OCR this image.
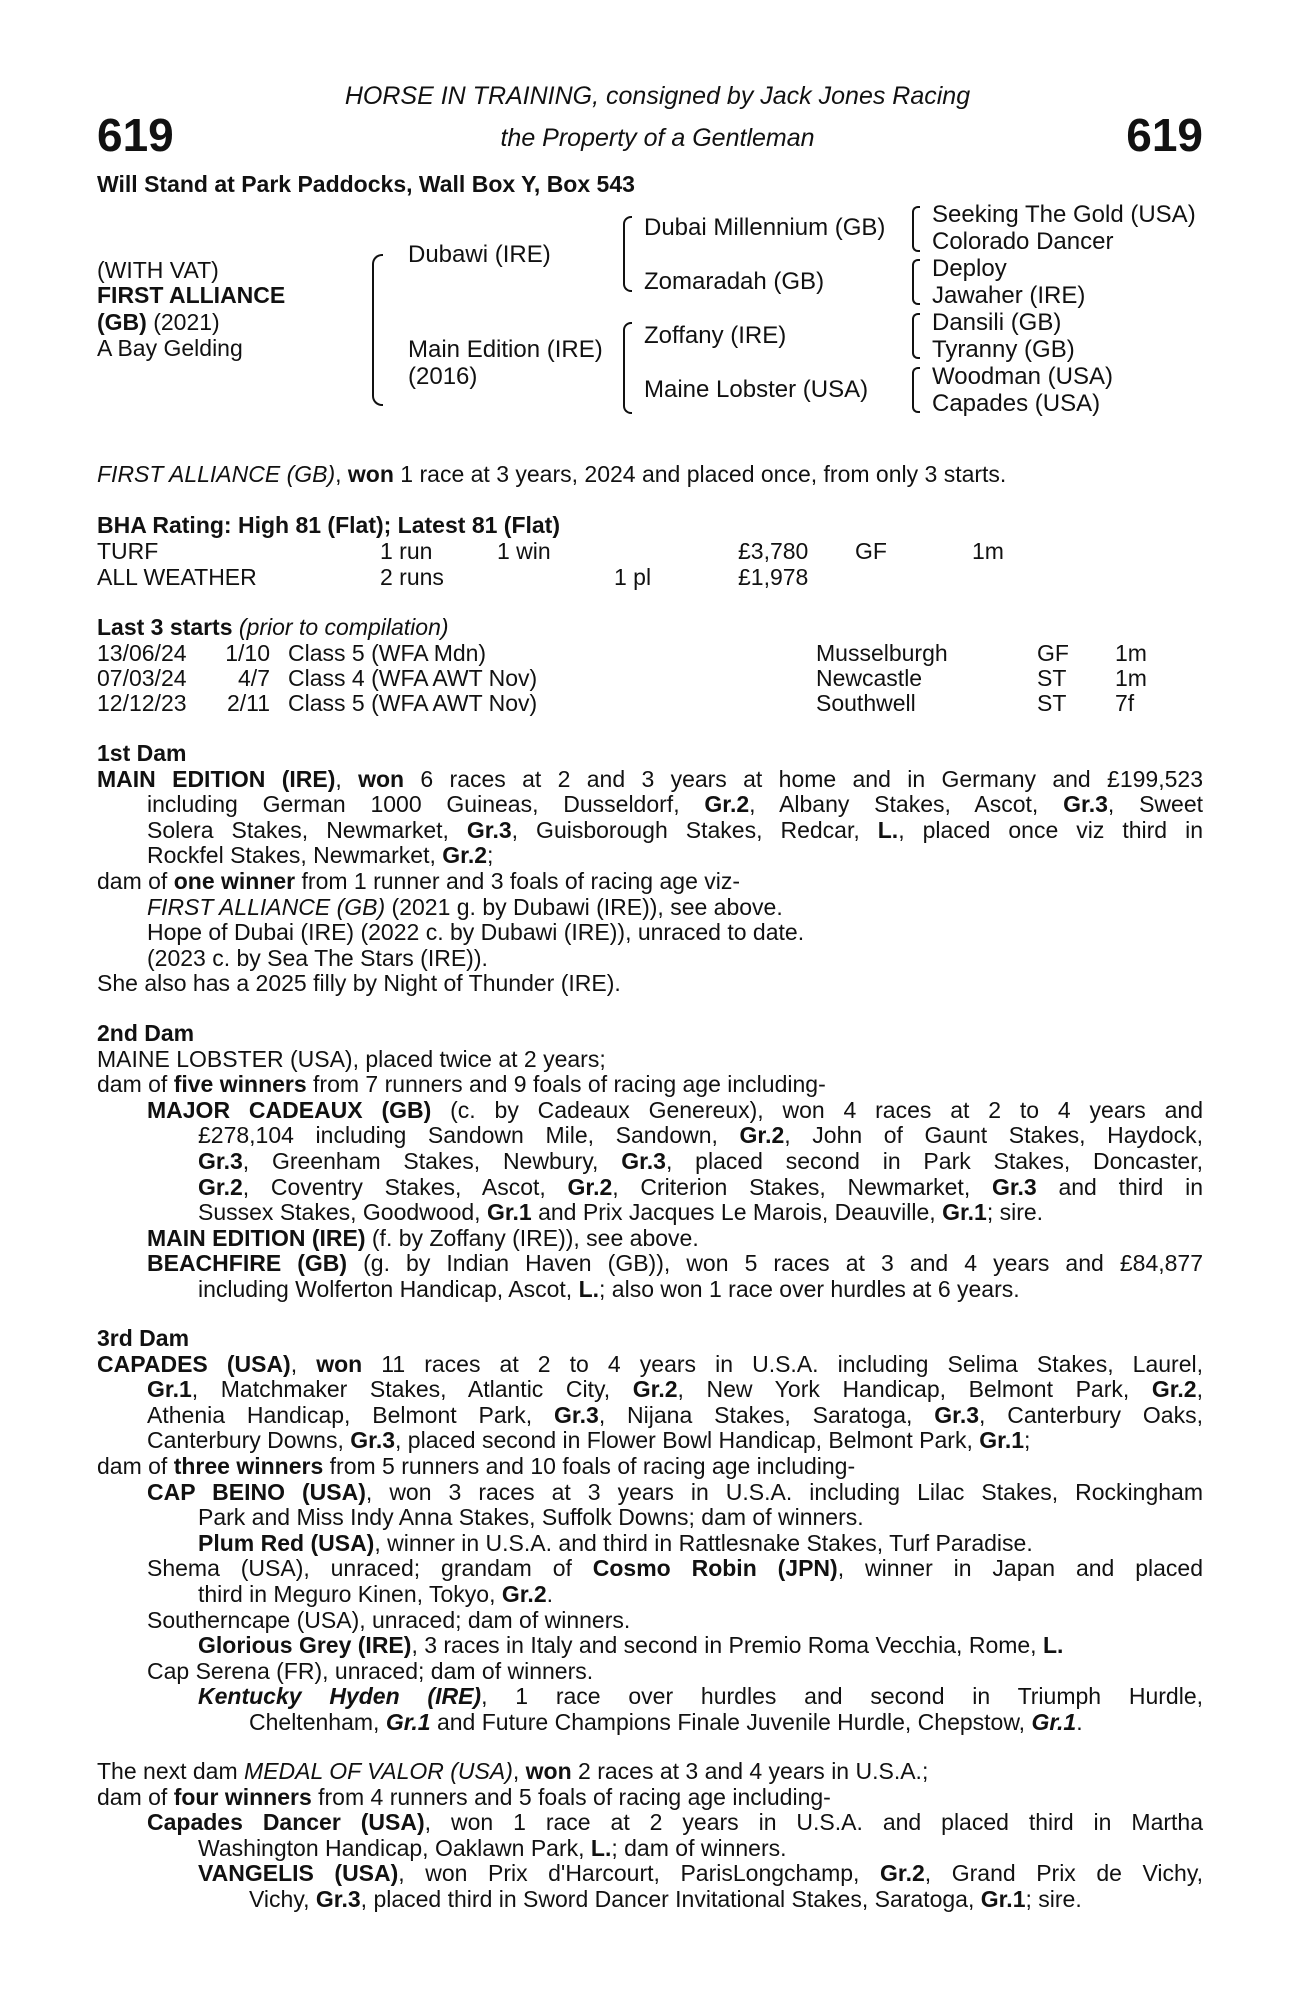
619	619
HORSE IN TRAINING, consigned by Jack Jones Racing
the Property of a Gentleman
Will Stand at Park Paddocks, Wall Box Y, Box 543
(WITH VAT)
FIRST ALLIANCE
(GB) (2021)
A Bay Gelding
Dubawi (IRE)
Main Edition (IRE)
(2016)
Dubai Millennium (GB)
Zomaradah (GB)
Zoffany (IRE)
Maine Lobster (USA)
Seeking The Gold (USA)
Colorado Dancer
Deploy
Jawaher (IRE)
Dansili (GB)
Tyranny (GB)
Woodman (USA)
Capades (USA)
FIRST ALLIANCE (GB), won 1 race at 3 years, 2024 and placed once, from only 3 starts.
BHA Rating: High 81 (Flat); Latest 81 (Flat)
TURF	1 run	1 win	£3,780 GF	1m
ALL WEATHER	2 runs	1 pl	£1,978
Last 3 starts (prior to compilation)
13/06/24 1/10 Class 5 (WFA Mdn)	Musselburgh	GF 1m
07/03/24	4/7 Class 4 (WFA AWT Nov)	Newcastle	ST 1m
12/12/23	2/11 Class 5 (WFA AWT Nov)	Southwell	ST 7f
1st Dam
MAIN EDITION (IRE), won 6 races at 2 and 3 years at home and in Germany and £199,523
including German 1000 Guineas, Dusseldorf, Gr.2, Albany Stakes, Ascot, Gr.3, Sweet
Solera Stakes, Newmarket, Gr.3, Guisborough Stakes, Redcar, L., placed once viz third in
Rockfel Stakes, Newmarket, Gr.2;
dam of one winner from 1 runner and 3 foals of racing age viz-
FIRST ALLIANCE (GB) (2021 g. by Dubawi (IRE)), see above.
Hope of Dubai (IRE) (2022 c. by Dubawi (IRE)), unraced to date.
(2023 c. by Sea The Stars (IRE)).
She also has a 2025 filly by Night of Thunder (IRE).
2nd Dam
MAINE LOBSTER (USA), placed twice at 2 years;
dam of five winners from 7 runners and 9 foals of racing age including-
MAJOR CADEAUX (GB) (c. by Cadeaux Genereux), won 4 races at 2 to 4 years and
£278,104 including Sandown Mile, Sandown, Gr.2, John of Gaunt Stakes, Haydock,
Gr.3, Greenham Stakes, Newbury, Gr.3, placed second in Park Stakes, Doncaster,
Gr.2, Coventry Stakes, Ascot, Gr.2, Criterion Stakes, Newmarket, Gr.3 and third in
Sussex Stakes, Goodwood, Gr.1 and Prix Jacques Le Marois, Deauville, Gr.1; sire.
MAIN EDITION (IRE) (f. by Zoffany (IRE)), see above.
BEACHFIRE (GB) (g. by Indian Haven (GB)), won 5 races at 3 and 4 years and £84,877
including Wolferton Handicap, Ascot, L.; also won 1 race over hurdles at 6 years.
3rd Dam
CAPADES (USA), won 11 races at 2 to 4 years in U.S.A. including Selima Stakes, Laurel,
Gr.1, Matchmaker Stakes, Atlantic City, Gr.2, New York Handicap, Belmont Park, Gr.2,
Athenia Handicap, Belmont Park, Gr.3, Nijana Stakes, Saratoga, Gr.3, Canterbury Oaks,
Canterbury Downs, Gr.3, placed second in Flower Bowl Handicap, Belmont Park, Gr.1;
dam of three winners from 5 runners and 10 foals of racing age including-
CAP BEINO (USA), won 3 races at 3 years in U.S.A. including Lilac Stakes, Rockingham
Park and Miss Indy Anna Stakes, Suffolk Downs; dam of winners.
Plum Red (USA), winner in U.S.A. and third in Rattlesnake Stakes, Turf Paradise.
Shema (USA), unraced; grandam of Cosmo Robin (JPN), winner in Japan and placed
third in Meguro Kinen, Tokyo, Gr.2.
Southerncape (USA), unraced; dam of winners.
Glorious Grey (IRE), 3 races in Italy and second in Premio Roma Vecchia, Rome, L.
Cap Serena (FR), unraced; dam of winners.
Kentucky Hyden (IRE), 1 race over hurdles and second in Triumph Hurdle,
Cheltenham, Gr.1 and Future Champions Finale Juvenile Hurdle, Chepstow, Gr.1.
The next dam MEDAL OF VALOR (USA), won 2 races at 3 and 4 years in U.S.A.;
dam of four winners from 4 runners and 5 foals of racing age including-
Capades Dancer (USA), won 1 race at 2 years in U.S.A. and placed third in Martha
Washington Handicap, Oaklawn Park, L.; dam of winners.
VANGELIS (USA), won Prix d'Harcourt, ParisLongchamp, Gr.2, Grand Prix de Vichy,
Vichy, Gr.3, placed third in Sword Dancer Invitational Stakes, Saratoga, Gr.1; sire.
